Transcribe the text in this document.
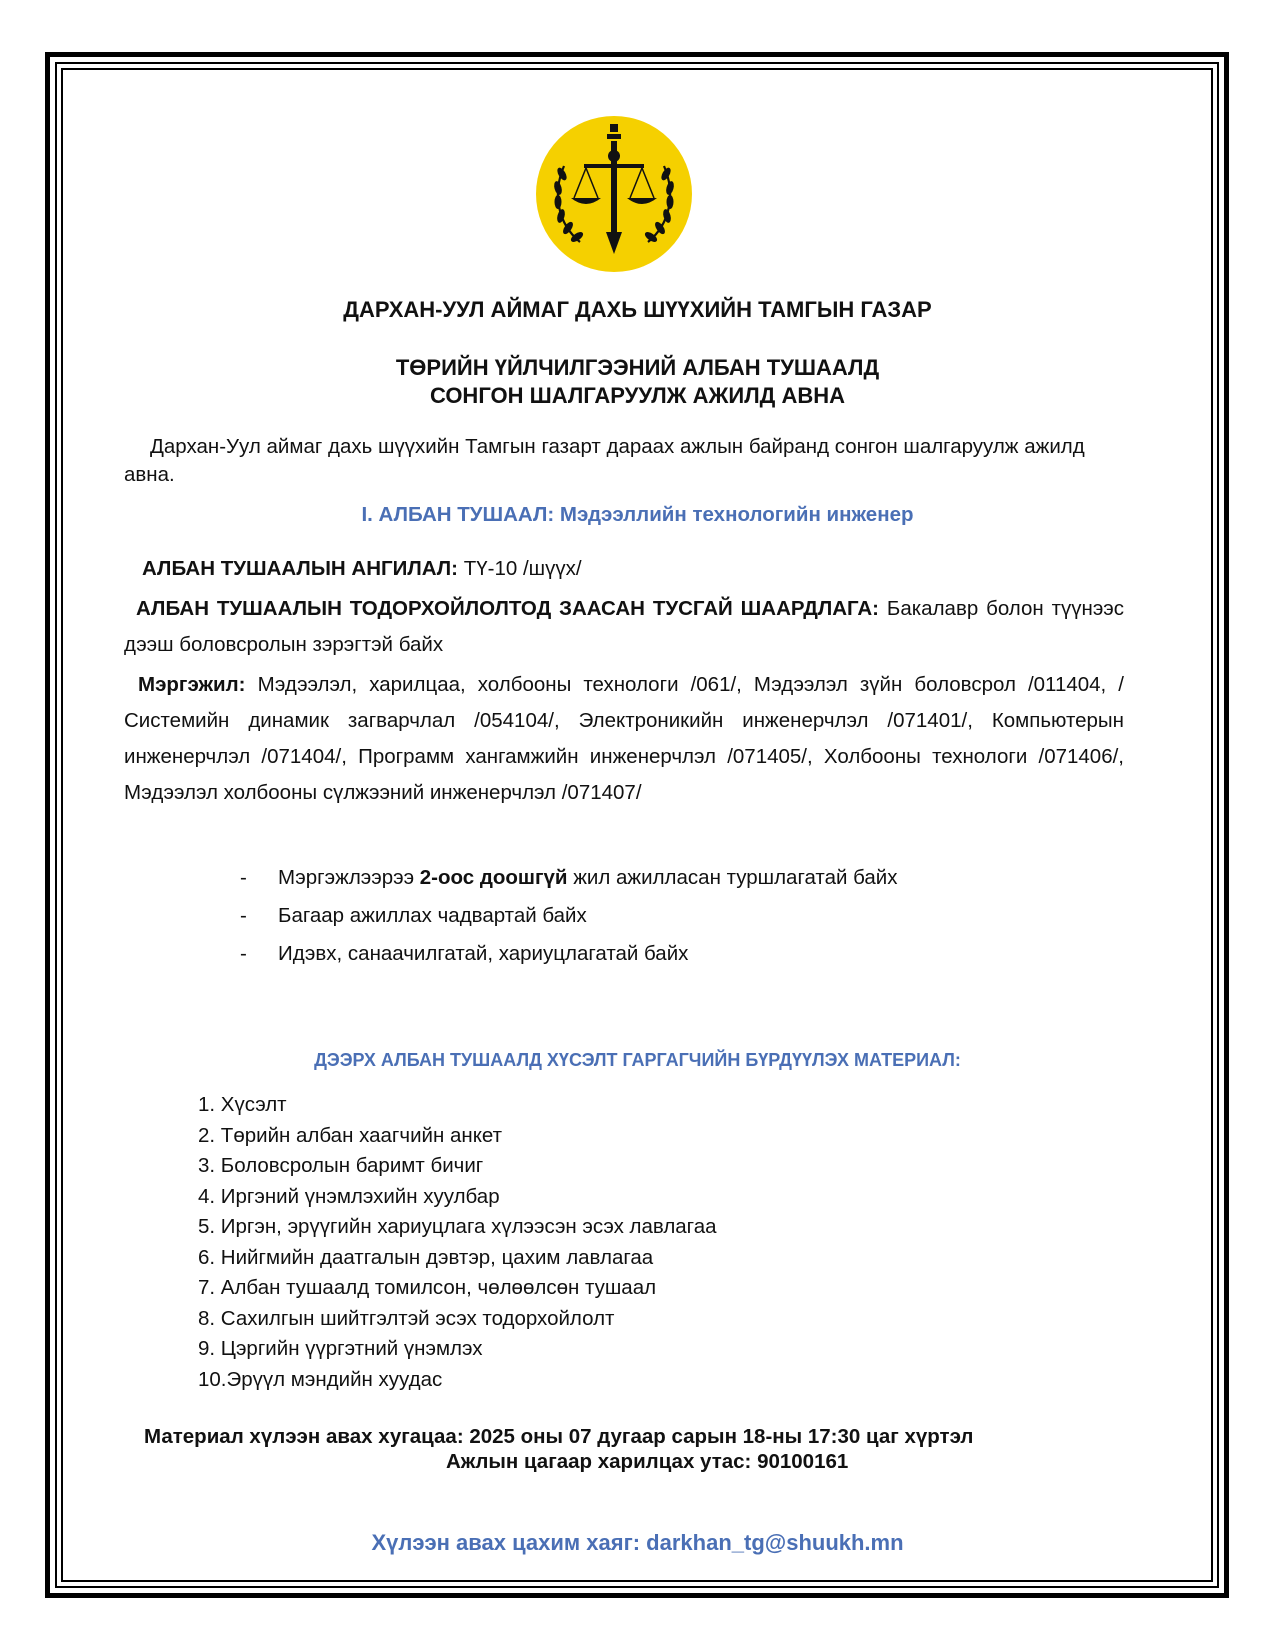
ДАРХАН-УУЛ АЙМАГ ДАХЬ ШҮҮХИЙН ТАМГЫН ГАЗАР
ТӨРИЙН ҮЙЛЧИЛГЭЭНИЙ АЛБАН ТУШААЛД
СОНГОН ШАЛГАРУУЛЖ АЖИЛД АВНА
Дархан-Уул аймаг дахь шүүхийн Тамгын газарт дараах ажлын байранд сонгон шалгаруулж ажилд авна.
I. АЛБАН ТУШААЛ: Мэдээллийн технологийн инженер
АЛБАН ТУШААЛЫН АНГИЛАЛ: ТҮ-10 /шүүх/
АЛБАН ТУШААЛЫН ТОДОРХОЙЛОЛТОД ЗААСАН ТУСГАЙ ШААРДЛАГА: Бакалавр болон түүнээс дээш боловсролын зэрэгтэй байх
Мэргэжил: Мэдээлэл, харилцаа, холбооны технологи /061/, Мэдээлэл зүйн боловсрол /011404, /Системийн динамик загварчлал /054104/, Электроникийн инженерчлэл /071401/, Компьютерын инженерчлэл /071404/, Программ хангамжийн инженерчлэл /071405/, Холбооны технологи /071406/, Мэдээлэл холбооны сүлжээний инженерчлэл /071407/
- Мэргэжлээрээ 2-оос доошгүй жил ажилласан туршлагатай байх
- Багаар ажиллах чадвартай байх
- Идэвх, санаачилгатай, хариуцлагатай байх
ДЭЭРХ АЛБАН ТУШААЛД ХҮСЭЛТ ГАРГАГЧИЙН БҮРДҮҮЛЭХ МАТЕРИАЛ:
1. Хүсэлт
2. Төрийн албан хаагчийн анкет
3. Боловсролын баримт бичиг
4. Иргэний үнэмлэхийн хуулбар
5. Иргэн, эрүүгийн хариуцлага хүлээсэн эсэх лавлагаа
6. Нийгмийн даатгалын дэвтэр, цахим лавлагаа
7. Албан тушаалд томилсон, чөлөөлсөн тушаал
8. Сахилгын шийтгэлтэй эсэх тодорхойлолт
9. Цэргийн үүргэтний үнэмлэх
10.Эрүүл мэндийн хуудас
Материал хүлээн авах хугацаа: 2025 оны 07 дугаар сарын 18-ны 17:30 цаг хүртэл
Ажлын цагаар харилцах утас: 90100161
Хүлээн авах цахим хаяг: darkhan_tg@shuukh.mn
